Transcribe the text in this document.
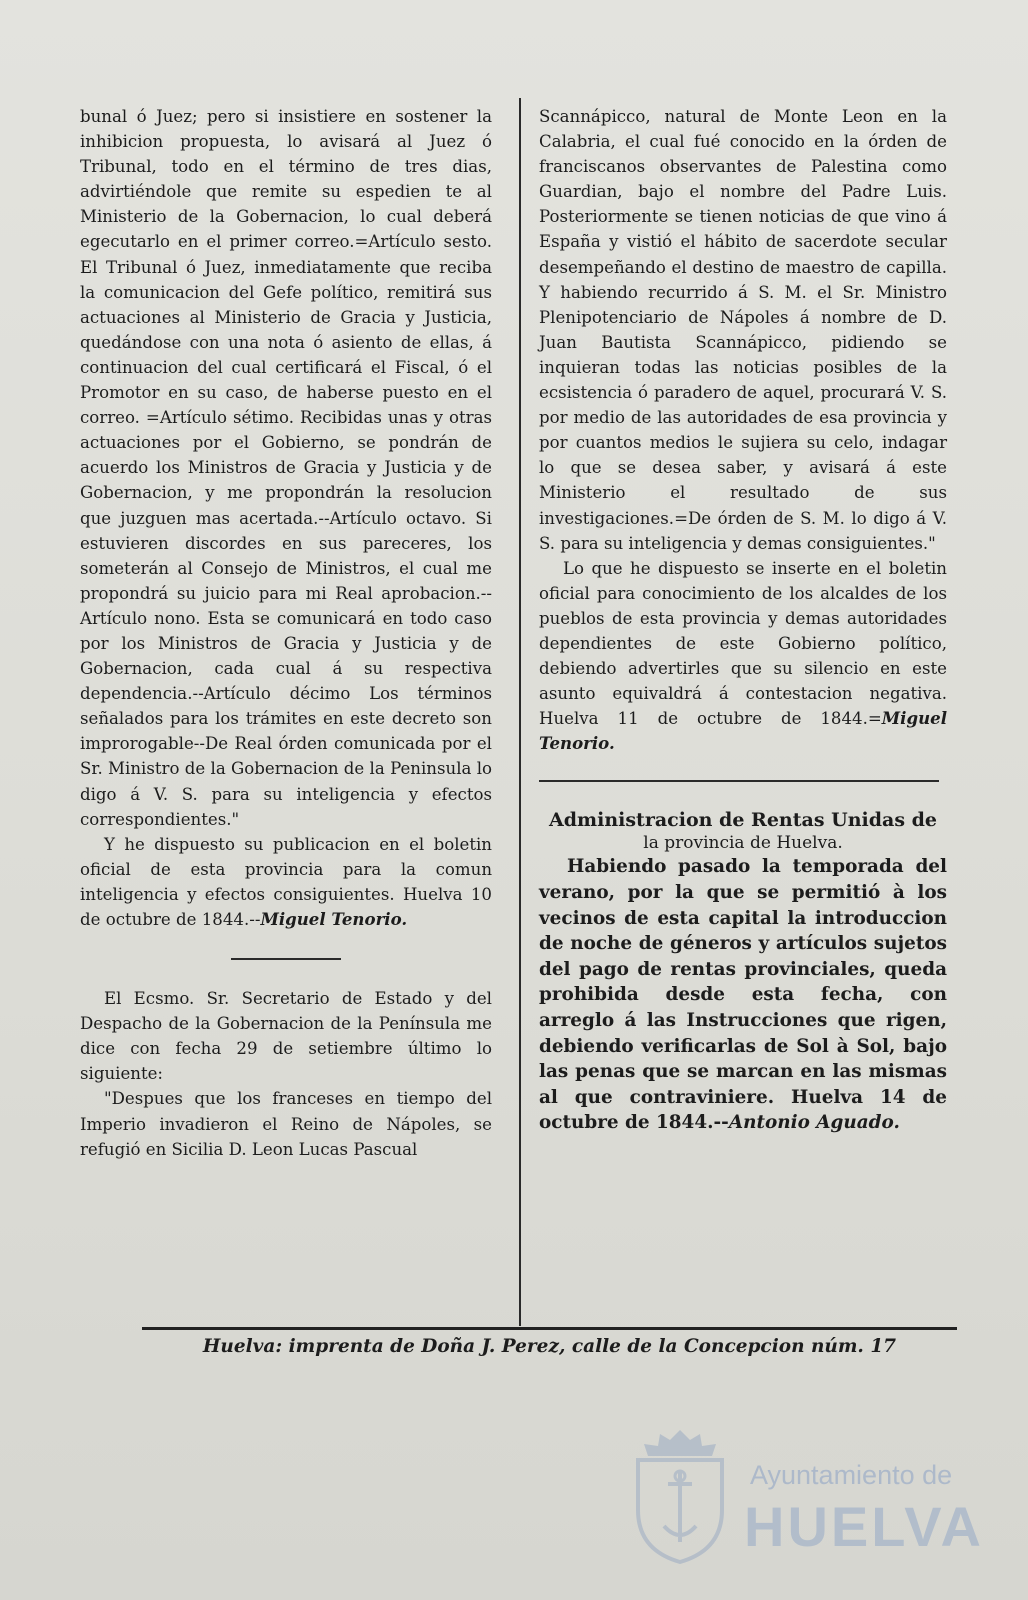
bunal ó Juez; pero si insistiere en sostener la inhibicion propuesta, lo avisará al Juez ó Tribunal, todo en el término de tres dias, advirtiéndole que remite su espedien te al Ministerio de la Gobernacion, lo cual deberá egecutarlo en el primer correo.=Artículo sesto. El Tribunal ó Juez, inmediatamente que reciba la comunicacion del Gefe político, remitirá sus actuaciones al Ministerio de Gracia y Justicia, quedándose con una nota ó asiento de ellas, á continuacion del cual certificará el Fiscal, ó el Promotor en su caso, de haberse puesto en el correo. =Artículo sétimo. Recibidas unas y otras actuaciones por el Gobierno, se pondrán de acuerdo los Ministros de Gracia y Justicia y de Gobernacion, y me propondrán la resolucion que juzguen mas acertada.--Artículo octavo. Si estuvieren discordes en sus pareceres, los someterán al Consejo de Ministros, el cual me propondrá su juicio para mi Real aprobacion.--Artículo nono. Esta se comunicará en todo caso por los Ministros de Gracia y Justicia y de Gobernacion, cada cual á su respectiva dependencia.--Artículo décimo Los términos señalados para los trámites en este decreto son improrogable--De Real órden comunicada por el Sr. Ministro de la Gobernacion de la Peninsula lo digo á V. S. para su inteligencia y efectos correspondientes."

Y he dispuesto su publicacion en el boletin oficial de esta provincia para la comun inteligencia y efectos consiguientes. Huelva 10 de octubre de 1844.--Miguel Tenorio.

El Ecsmo. Sr. Secretario de Estado y del Despacho de la Gobernacion de la Península me dice con fecha 29 de setiembre último lo siguiente:

"Despues que los franceses en tiempo del Imperio invadieron el Reino de Nápoles, se refugió en Sicilia D. Leon Lucas Pascual

Scannápicco, natural de Monte Leon en la Calabria, el cual fué conocido en la órden de franciscanos observantes de Palestina como Guardian, bajo el nombre del Padre Luis. Posteriormente se tienen noticias de que vino á España y vistió el hábito de sacerdote secular desempeñando el destino de maestro de capilla. Y habiendo recurrido á S. M. el Sr. Ministro Plenipotenciario de Nápoles á nombre de D. Juan Bautista Scannápicco, pidiendo se inquieran todas las noticias posibles de la ecsistencia ó paradero de aquel, procurará V. S. por medio de las autoridades de esa provincia y por cuantos medios le sujiera su celo, indagar lo que se desea saber, y avisará á este Ministerio el resultado de sus investigaciones.=De órden de S. M. lo digo á V. S. para su inteligencia y demas consiguientes."

Lo que he dispuesto se inserte en el boletin oficial para conocimiento de los alcaldes de los pueblos de esta provincia y demas autoridades dependientes de este Gobierno político, debiendo advertirles que su silencio en este asunto equivaldrá á contestacion negativa. Huelva 11 de octubre de 1844.=Miguel Tenorio.

Administracion de Rentas Unidas de

la provincia de Huelva.

Habiendo pasado la temporada del verano, por la que se permitió à los vecinos de esta capital la introduccion de noche de géneros y artículos sujetos del pago de rentas provinciales, queda prohibida desde esta fecha, con arreglo á las Instrucciones que rigen, debiendo verificarlas de Sol à Sol, bajo las penas que se marcan en las mismas al que contraviniere. Huelva 14 de octubre de 1844.--Antonio Aguado.

Huelva: imprenta de Doña J. Perez, calle de la Concepcion núm. 17
Ayuntamiento de
HUELVA
